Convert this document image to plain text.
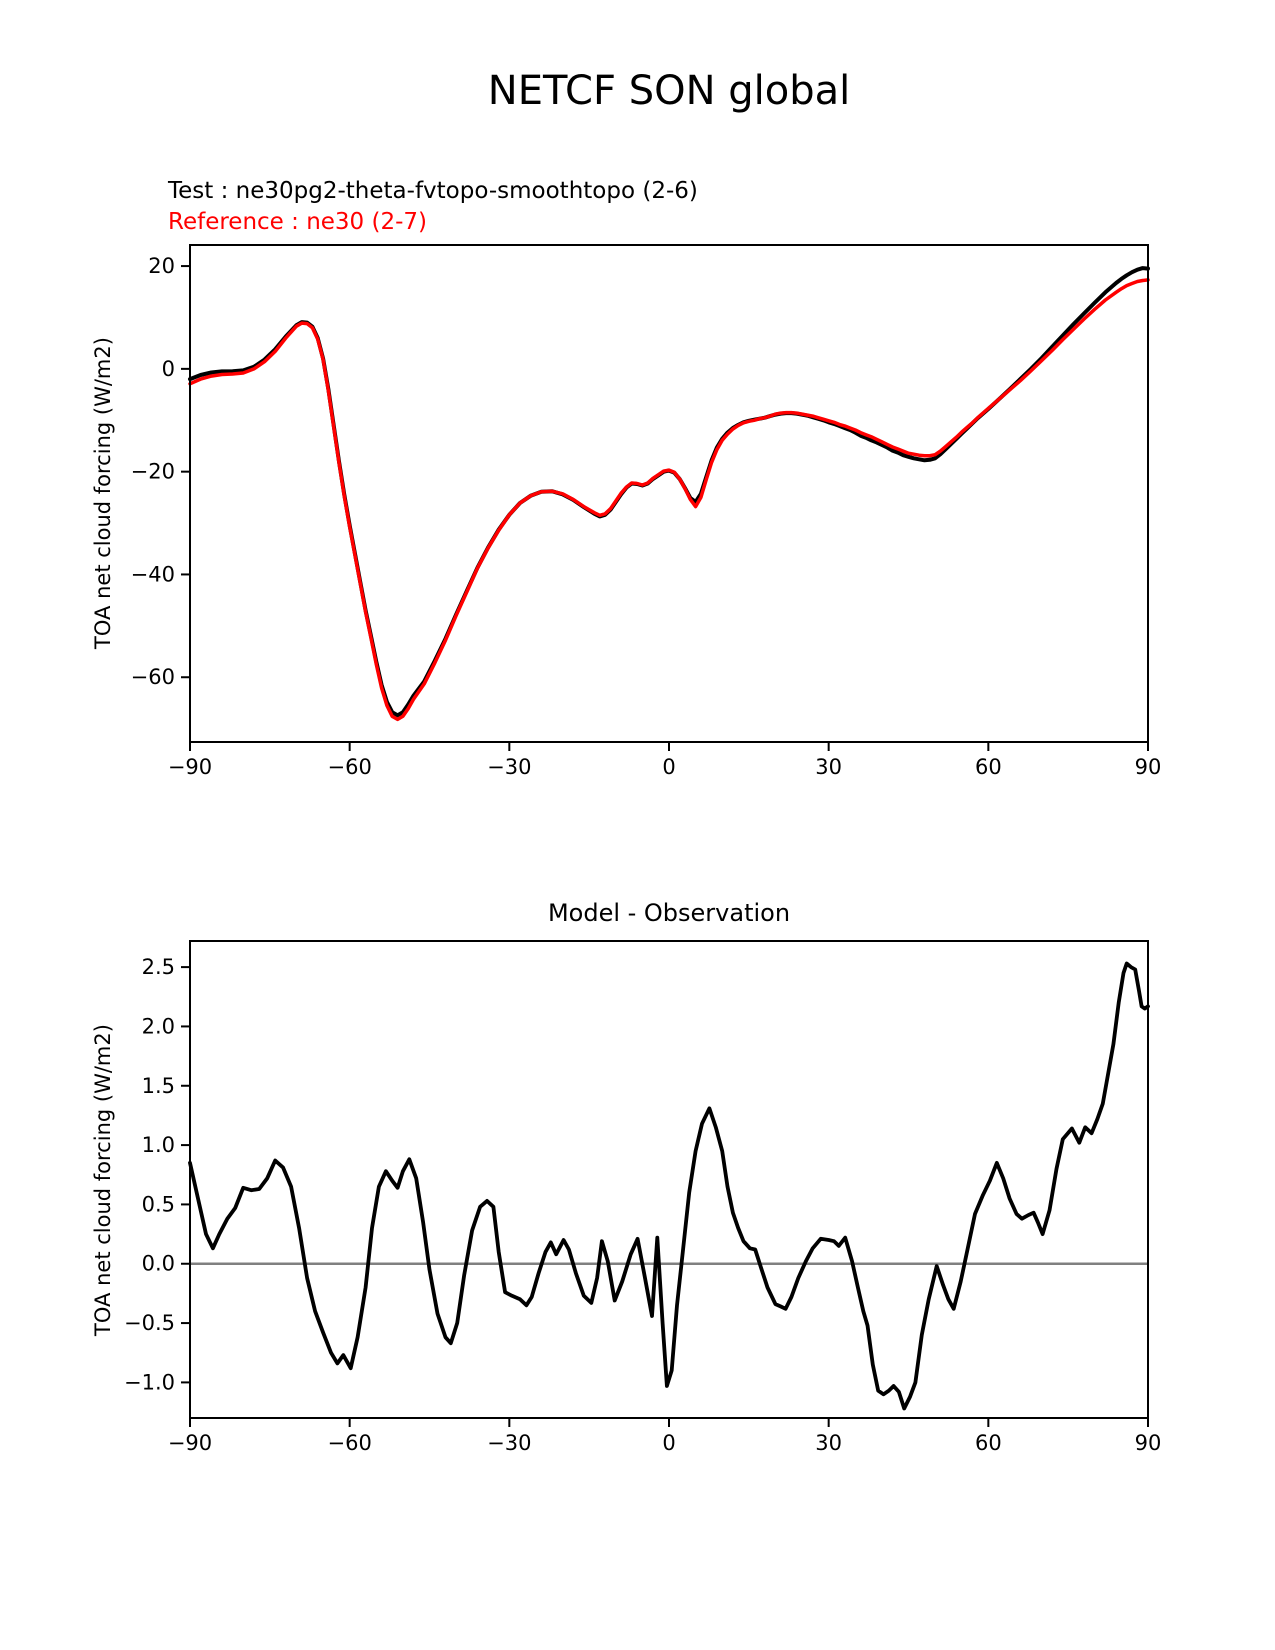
NETCF SON global
Test : ne30pg2-theta-fvtopo-smoothtopo (2-6)
Reference : ne30 (2-7)
TOA net cloud forcing (W/m2)
Model - Observation
TOA net cloud forcing (W/m2)
−90	−60	−30	0	30	60	90
20
0
−20
−40
−60
−90	−60	−30	0	30	60	90
2.5
2.0
1.5
1.0
0.5
0.0
−0.5
−1.0
